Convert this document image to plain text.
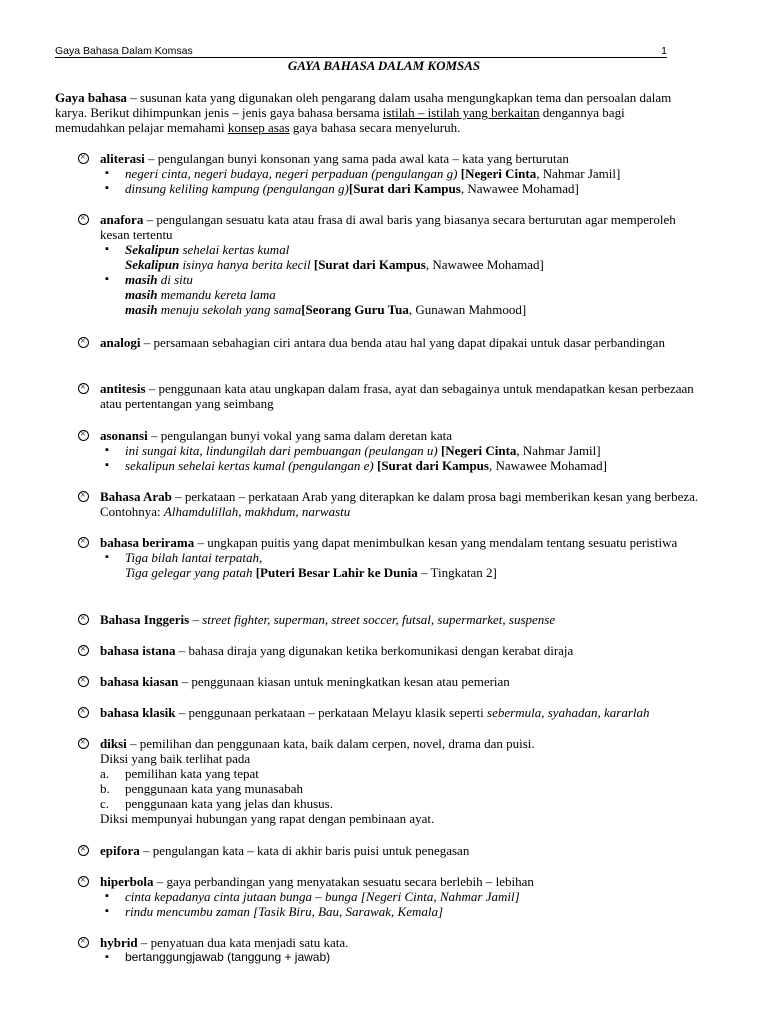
Gaya Bahasa Dalam Komsas	1
GAYA BAHASA DALAM KOMSAS
Gaya bahasa – susunan kata yang digunakan oleh pengarang dalam usaha mengungkapkan tema dan persoalan dalam karya. Berikut dihimpunkan jenis – jenis gaya bahasa bersama istilah – istilah yang berkaitan dengannya bagi memudahkan pelajar memahami konsep asas gaya bahasa secara menyeluruh.
×
aliterasi – pengulangan bunyi konsonan yang sama pada awal kata – kata yang berturutan
▪ negeri cinta, negeri budaya, negeri perpaduan (pengulangan g) [Negeri Cinta, Nahmar Jamil]
▪ dinsung keliling kampung (pengulangan g)[Surat dari Kampus, Nawawee Mohamad]
×
anafora – pengulangan sesuatu kata atau frasa di awal baris yang biasanya secara berturutan agar memperoleh kesan tertentu
▪ Sekalipun sehelai kertas kumal
Sekalipun isinya hanya berita kecil [Surat dari Kampus, Nawawee Mohamad]
▪ masih di situ
masih memandu kereta lama
masih menuju sekolah yang sama[Seorang Guru Tua, Gunawan Mahmood]
×
analogi – persamaan sebahagian ciri antara dua benda atau hal yang dapat dipakai untuk dasar perbandingan
×
antitesis – penggunaan kata atau ungkapan dalam frasa, ayat dan sebagainya untuk mendapatkan kesan perbezaan atau pertentangan yang seimbang
×
asonansi – pengulangan bunyi vokal yang sama dalam deretan kata
▪ ini sungai kita, lindungilah dari pembuangan (peulangan u) [Negeri Cinta, Nahmar Jamil]
▪ sekalipun sehelai kertas kumal (pengulangan e) [Surat dari Kampus, Nawawee Mohamad]
×
Bahasa Arab – perkataan – perkataan Arab yang diterapkan ke dalam prosa bagi memberikan kesan yang berbeza. Contohnya: Alhamdulillah, makhdum, narwastu
×
bahasa berirama – ungkapan puitis yang dapat menimbulkan kesan yang mendalam tentang sesuatu peristiwa
▪ Tiga bilah lantai terpatah,
Tiga gelegar yang patah [Puteri Besar Lahir ke Dunia – Tingkatan 2]
×
Bahasa Inggeris – street fighter, superman, street soccer, futsal, supermarket, suspense
×
bahasa istana – bahasa diraja yang digunakan ketika berkomunikasi dengan kerabat diraja
×
bahasa kiasan – penggunaan kiasan untuk meningkatkan kesan atau pemerian
×
bahasa klasik – penggunaan perkataan – perkataan Melayu klasik seperti sebermula, syahadan, kararlah
×
diksi – pemilihan dan penggunaan kata, baik dalam cerpen, novel, drama dan puisi.
Diksi yang baik terlihat pada
a. pemilihan kata yang tepat
b. penggunaan kata yang munasabah
c. penggunaan kata yang jelas dan khusus.
Diksi mempunyai hubungan yang rapat dengan pembinaan ayat.
×
epifora – pengulangan kata – kata di akhir baris puisi untuk penegasan
×
hiperbola – gaya perbandingan yang menyatakan sesuatu secara berlebih – lebihan
▪ cinta kepadanya cinta jutaan bunga – bunga [Negeri Cinta, Nahmar Jamil]
▪ rindu mencumbu zaman [Tasik Biru, Bau, Sarawak, Kemala]
×
hybrid – penyatuan dua kata menjadi satu kata.
▪ bertanggungjawab (tanggung + jawab)
